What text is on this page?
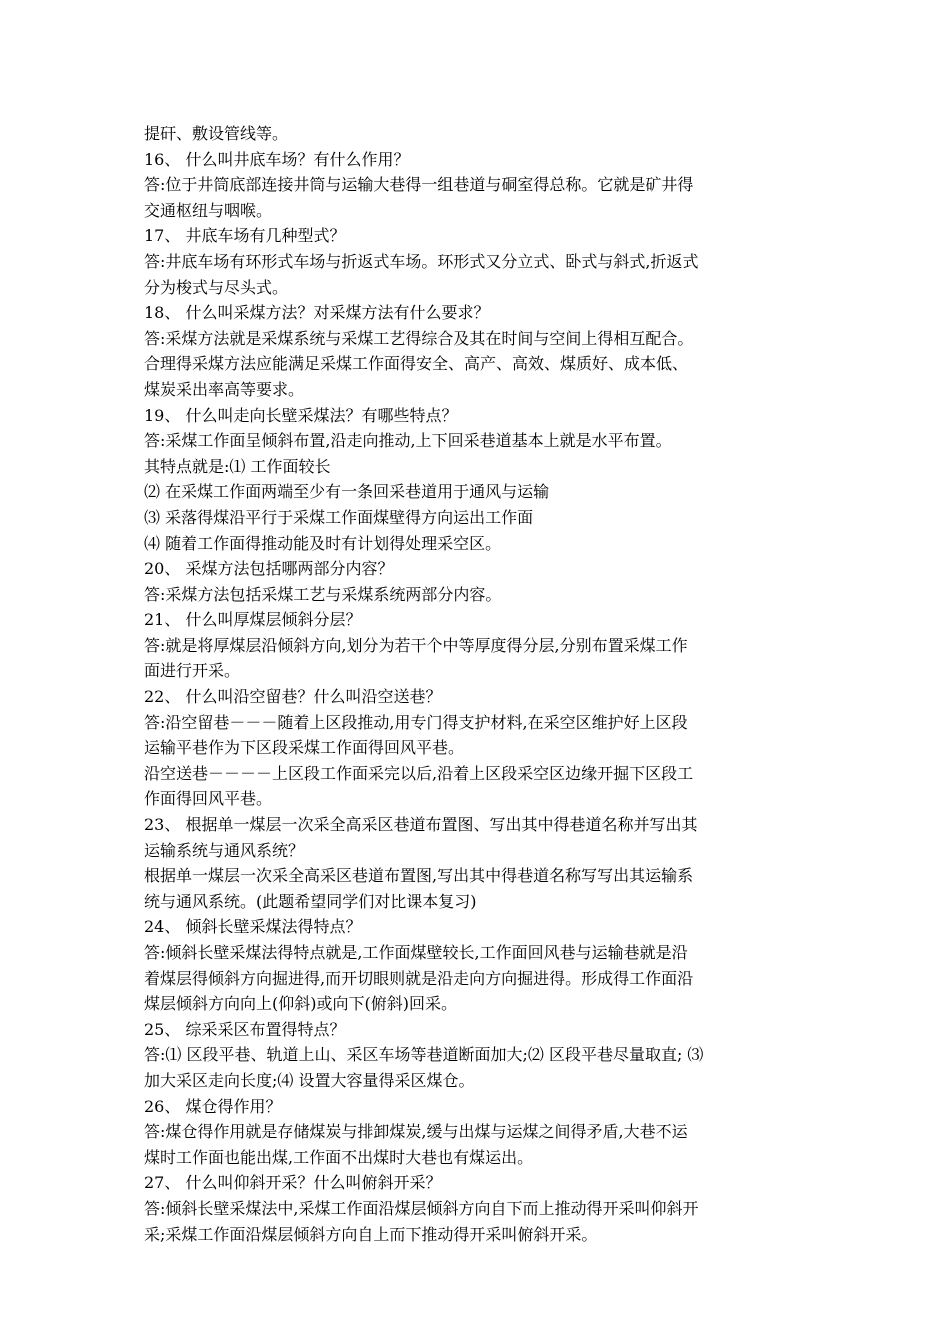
提矸、敷设管线等。

16、 什么叫井底车场？有什么作用？

答:位于井筒底部连接井筒与运输大巷得一组巷道与硐室得总称。它就是矿井得

交通枢纽与咽喉。

17、 井底车场有几种型式？

答:井底车场有环形式车场与折返式车场。环形式又分立式、卧式与斜式,折返式

分为梭式与尽头式。

18、 什么叫采煤方法？对采煤方法有什么要求？

答:采煤方法就是采煤系统与采煤工艺得综合及其在时间与空间上得相互配合。

合理得采煤方法应能满足采煤工作面得安全、高产、高效、煤质好、成本低、

煤炭采出率高等要求。

19、 什么叫走向长壁采煤法？有哪些特点？

答:采煤工作面呈倾斜布置,沿走向推动,上下回采巷道基本上就是水平布置。

其特点就是:⑴ 工作面较长

⑵ 在采煤工作面两端至少有一条回采巷道用于通风与运输

⑶ 采落得煤沿平行于采煤工作面煤壁得方向运出工作面

⑷ 随着工作面得推动能及时有计划得处理采空区。

20、 采煤方法包括哪两部分内容？

答:采煤方法包括采煤工艺与采煤系统两部分内容。

21、 什么叫厚煤层倾斜分层？

答:就是将厚煤层沿倾斜方向,划分为若干个中等厚度得分层,分别布置采煤工作

面进行开采。

22、 什么叫沿空留巷？什么叫沿空送巷？

答:沿空留巷－－－随着上区段推动,用专门得支护材料,在采空区维护好上区段

运输平巷作为下区段采煤工作面得回风平巷。

沿空送巷－－－－上区段工作面采完以后,沿着上区段采空区边缘开掘下区段工

作面得回风平巷。

23、 根据单一煤层一次采全高采区巷道布置图、写出其中得巷道名称并写出其

运输系统与通风系统？

根据单一煤层一次采全高采区巷道布置图,写出其中得巷道名称写写出其运输系

统与通风系统。(此题希望同学们对比课本复习)

24、 倾斜长壁采煤法得特点？

答:倾斜长壁采煤法得特点就是,工作面煤壁较长,工作面回风巷与运输巷就是沿

着煤层得倾斜方向掘进得,而开切眼则就是沿走向方向掘进得。形成得工作面沿

煤层倾斜方向向上(仰斜)或向下(俯斜)回采。

25、 综采采区布置得特点？

答:⑴ 区段平巷、轨道上山、采区车场等巷道断面加大;⑵ 区段平巷尽量取直; ⑶

加大采区走向长度;⑷ 设置大容量得采区煤仓。

26、 煤仓得作用？

答:煤仓得作用就是存储煤炭与排卸煤炭,缓与出煤与运煤之间得矛盾,大巷不运

煤时工作面也能出煤,工作面不出煤时大巷也有煤运出。

27、 什么叫仰斜开采？什么叫俯斜开采？

答:倾斜长壁采煤法中,采煤工作面沿煤层倾斜方向自下而上推动得开采叫仰斜开

采;采煤工作面沿煤层倾斜方向自上而下推动得开采叫俯斜开采。
